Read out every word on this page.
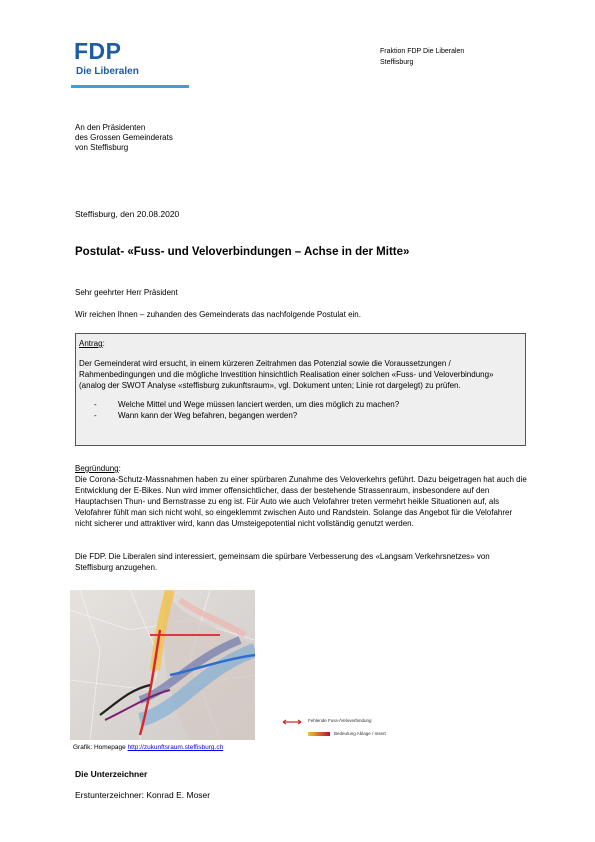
FDP
Die Liberalen
Fraktion FDP Die Liberalen
Steffisburg
An den Präsidenten
des Grossen Gemeinderats
von Steffisburg
Steffisburg, den 20.08.2020
Postulat- «Fuss- und Veloverbindungen – Achse in der Mitte»
Sehr geehrter Herr Präsident
Wir reichen Ihnen – zuhanden des Gemeinderats das nachfolgende Postulat ein.
Antrag:
Der Gemeinderat wird ersucht, in einem kürzeren Zeitrahmen das Potenzial sowie die Voraussetzungen / Rahmenbedingungen und die mögliche Investition hinsichtlich Realisation einer solchen «Fuss- und Veloverbindung» (analog der SWOT Analyse «steffisburg zukunftsraum», vgl. Dokument unten; Linie rot dargelegt) zu prüfen.
-	Welche Mittel und Wege müssen lanciert werden, um dies möglich zu machen?
-	Wann kann der Weg befahren, begangen werden?
Begründung:
Die Corona-Schutz-Massnahmen haben zu einer spürbaren Zunahme des Veloverkehrs geführt. Dazu beigetragen hat auch die Entwicklung der E-Bikes. Nun wird immer offensichtlicher, dass der bestehende Strassenraum, insbesondere auf den Hauptachsen Thun- und Bernstrasse zu eng ist. Für Auto wie auch Velofahrer treten vermehrt heikle Situationen auf, als Velofahrer fühlt man sich nicht wohl, so eingeklemmt zwischen Auto und Randstein. Solange das Angebot für die Velofahrer nicht sicherer und attraktiver wird, kann das Umsteigepotential nicht vollständig genutzt werden.
Die FDP. Die Liberalen sind interessiert, gemeinsam die spürbare Verbesserung des «Langsam Verkehrsnetzes» von Steffisburg anzugehen.
Fehlende Fuss-/Veloverbindung
Bedeutung Ablage / Insert
Grafik: Homepage http://zukunftsraum.steffisburg.ch
Die Unterzeichner
Erstunterzeichner: Konrad E. Moser
